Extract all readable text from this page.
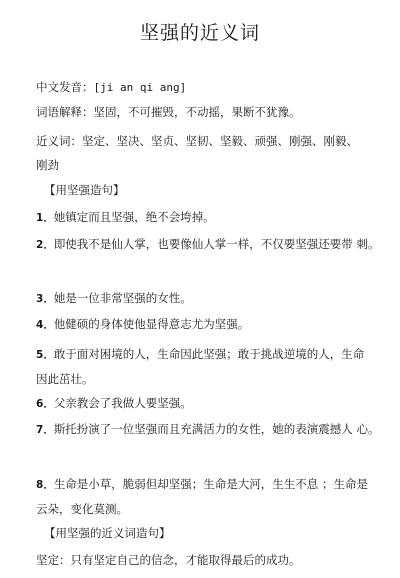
坚强的近义词
中文发音：[ji an qi ang]
词语解释：坚固，不可摧毁，不动摇，果断不犹豫。
近义词：坚定、坚决、坚贞、坚韧、坚毅、顽强、刚强、刚毅、 刚劲
【用坚强造句】
1．她镇定而且坚强，绝不会垮掉。
2．即使我不是仙人掌，也要像仙人掌一样，不仅要坚强还要带 刺。
3．她是一位非常坚强的女性。
4．他健硕的身体使他显得意志尤为坚强。
5．敢于面对困境的人，生命因此坚强；敢于挑战逆境的人，生命因此茁壮。
6．父亲教会了我做人要坚强。
7．斯托扮演了一位坚强而且充满活力的女性，她的表演震撼人 心。
8．生命是小草，脆弱但却坚强；生命是大河，生生不息 ；生命是云朵，变化莫测。
【用坚强的近义词造句】
坚定：只有坚定自己的信念，才能取得最后的成功。
